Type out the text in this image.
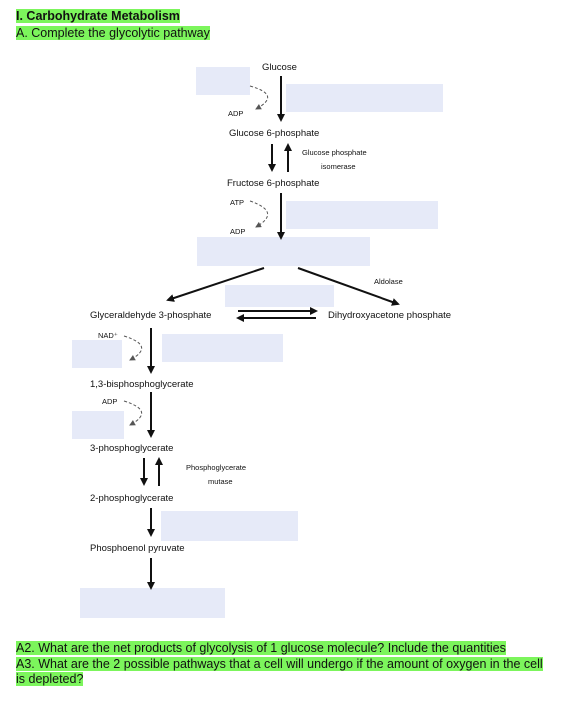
I. Carbohydrate Metabolism
A. Complete the glycolytic pathway
Glucose
ADP
Glucose 6-phosphate
Glucose phosphate
isomerase
Fructose 6-phosphate
ATP
ADP
Aldolase
Glyceraldehyde 3-phosphate	Dihydroxyacetone phosphate
NAD⁺
1,3-bisphosphoglycerate
ADP
3-phosphoglycerate
Phosphoglycerate
mutase
2-phosphoglycerate
Phosphoenol pyruvate
A2. What are the net products of glycolysis of 1 glucose molecule? Include the quantities
A3. What are the 2 possible pathways that a cell will undergo if the amount of oxygen in the cell
is depleted?
